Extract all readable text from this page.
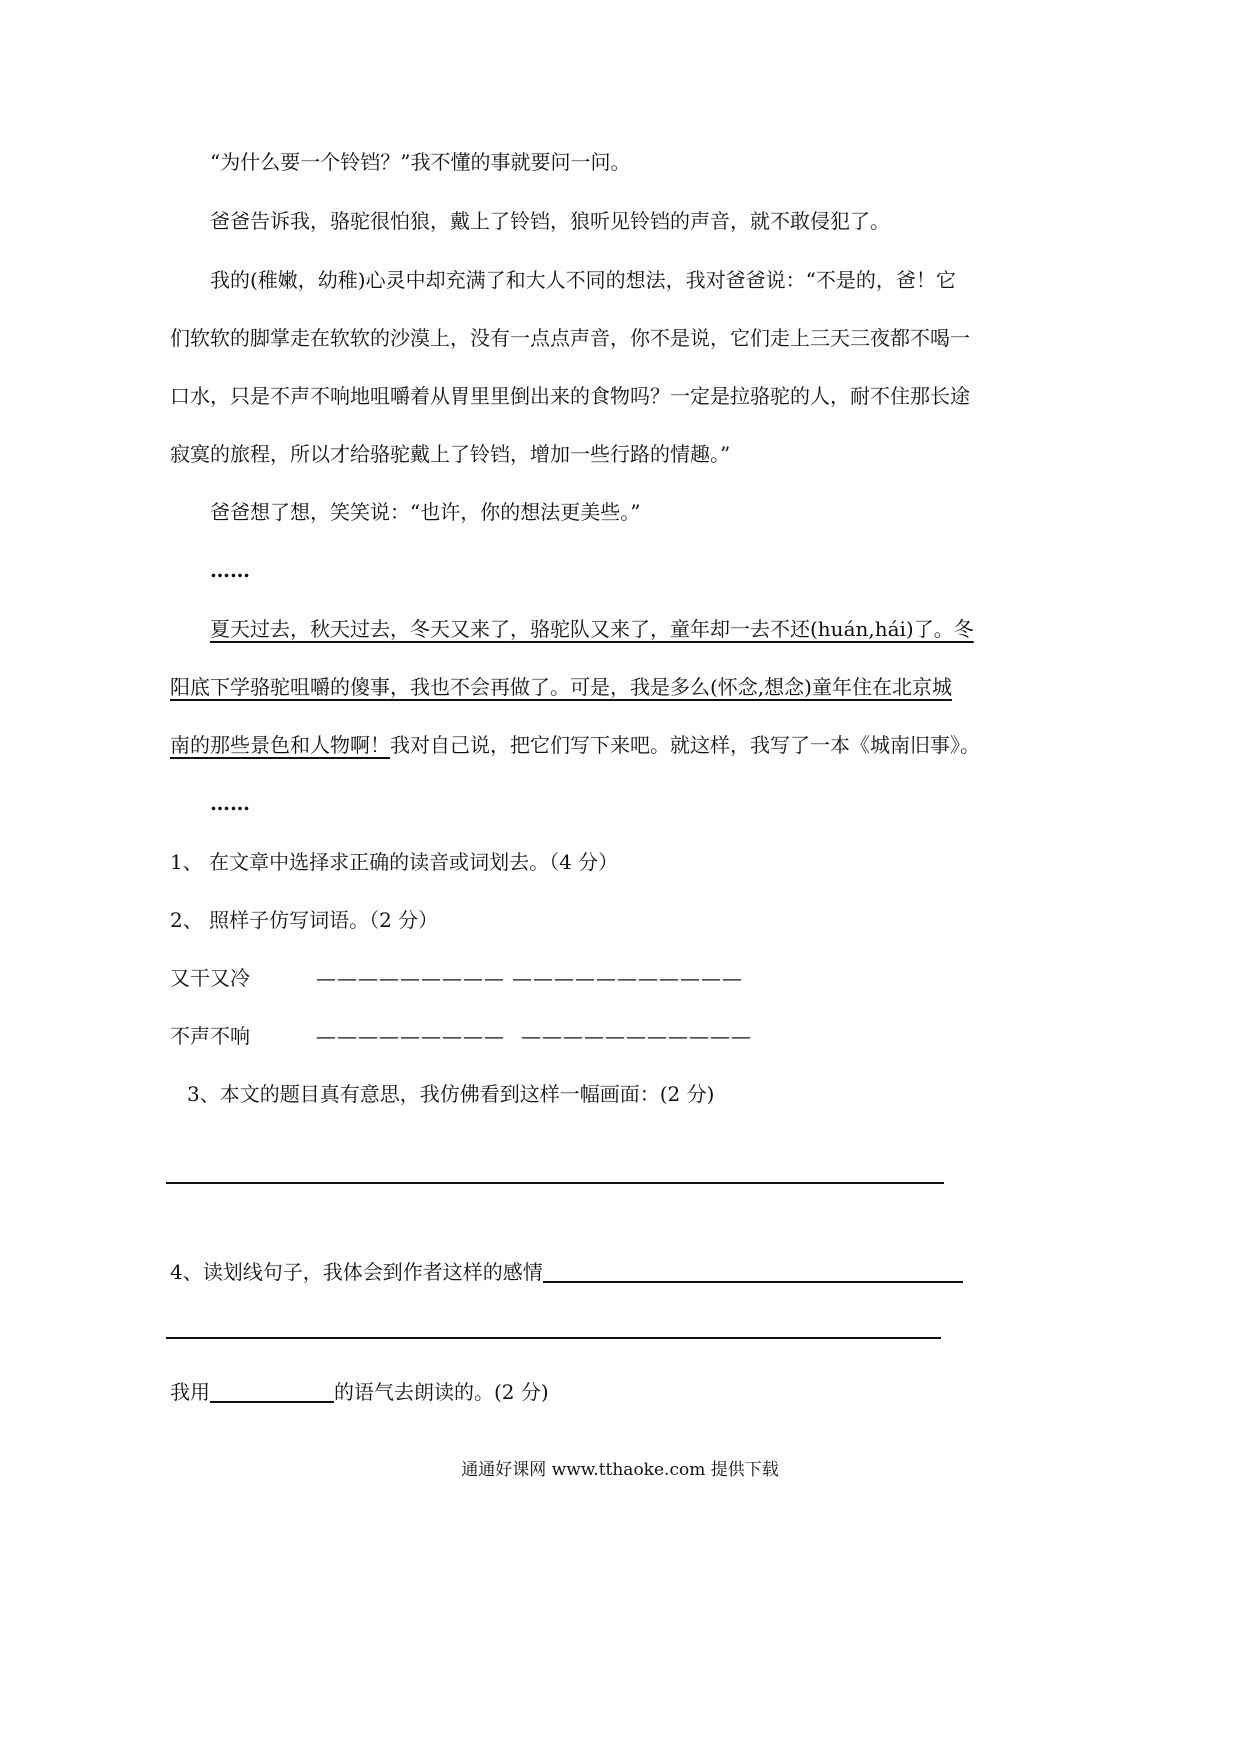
“为什么要一个铃铛？”我不懂的事就要问一问。
爸爸告诉我，骆驼很怕狼，戴上了铃铛，狼听见铃铛的声音，就不敢侵犯了。
我的(稚嫩，幼稚)心灵中却充满了和大人不同的想法，我对爸爸说：“不是的，爸！它
们软软的脚掌走在软软的沙漠上，没有一点点声音，你不是说，它们走上三天三夜都不喝一
口水，只是不声不响地咀嚼着从胃里里倒出来的食物吗？一定是拉骆驼的人，耐不住那长途
寂寞的旅程，所以才给骆驼戴上了铃铛，增加一些行路的情趣。”
爸爸想了想，笑笑说：“也许，你的想法更美些。”
……
夏天过去，秋天过去，冬天又来了，骆驼队又来了，童年却一去不还(huán,hái)了。冬
阳底下学骆驼咀嚼的傻事，我也不会再做了。可是，我是多么(怀念,想念)童年住在北京城
南的那些景色和人物啊！我对自己说，把它们写下来吧。就这样，我写了一本《城南旧事》。
……
1、 在文章中选择求正确的读音或词划去。（4 分）
2、 照样子仿写词语。（2 分）
又干又冷	————————— ———————————
不声不响	————————— ———————————
3、本文的题目真有意思，我仿佛看到这样一幅画面：(2 分)
4、读划线句子，我体会到作者这样的感情
我用	的语气去朗读的。(2 分)
通通好课网 www.tthaoke.com 提供下载
